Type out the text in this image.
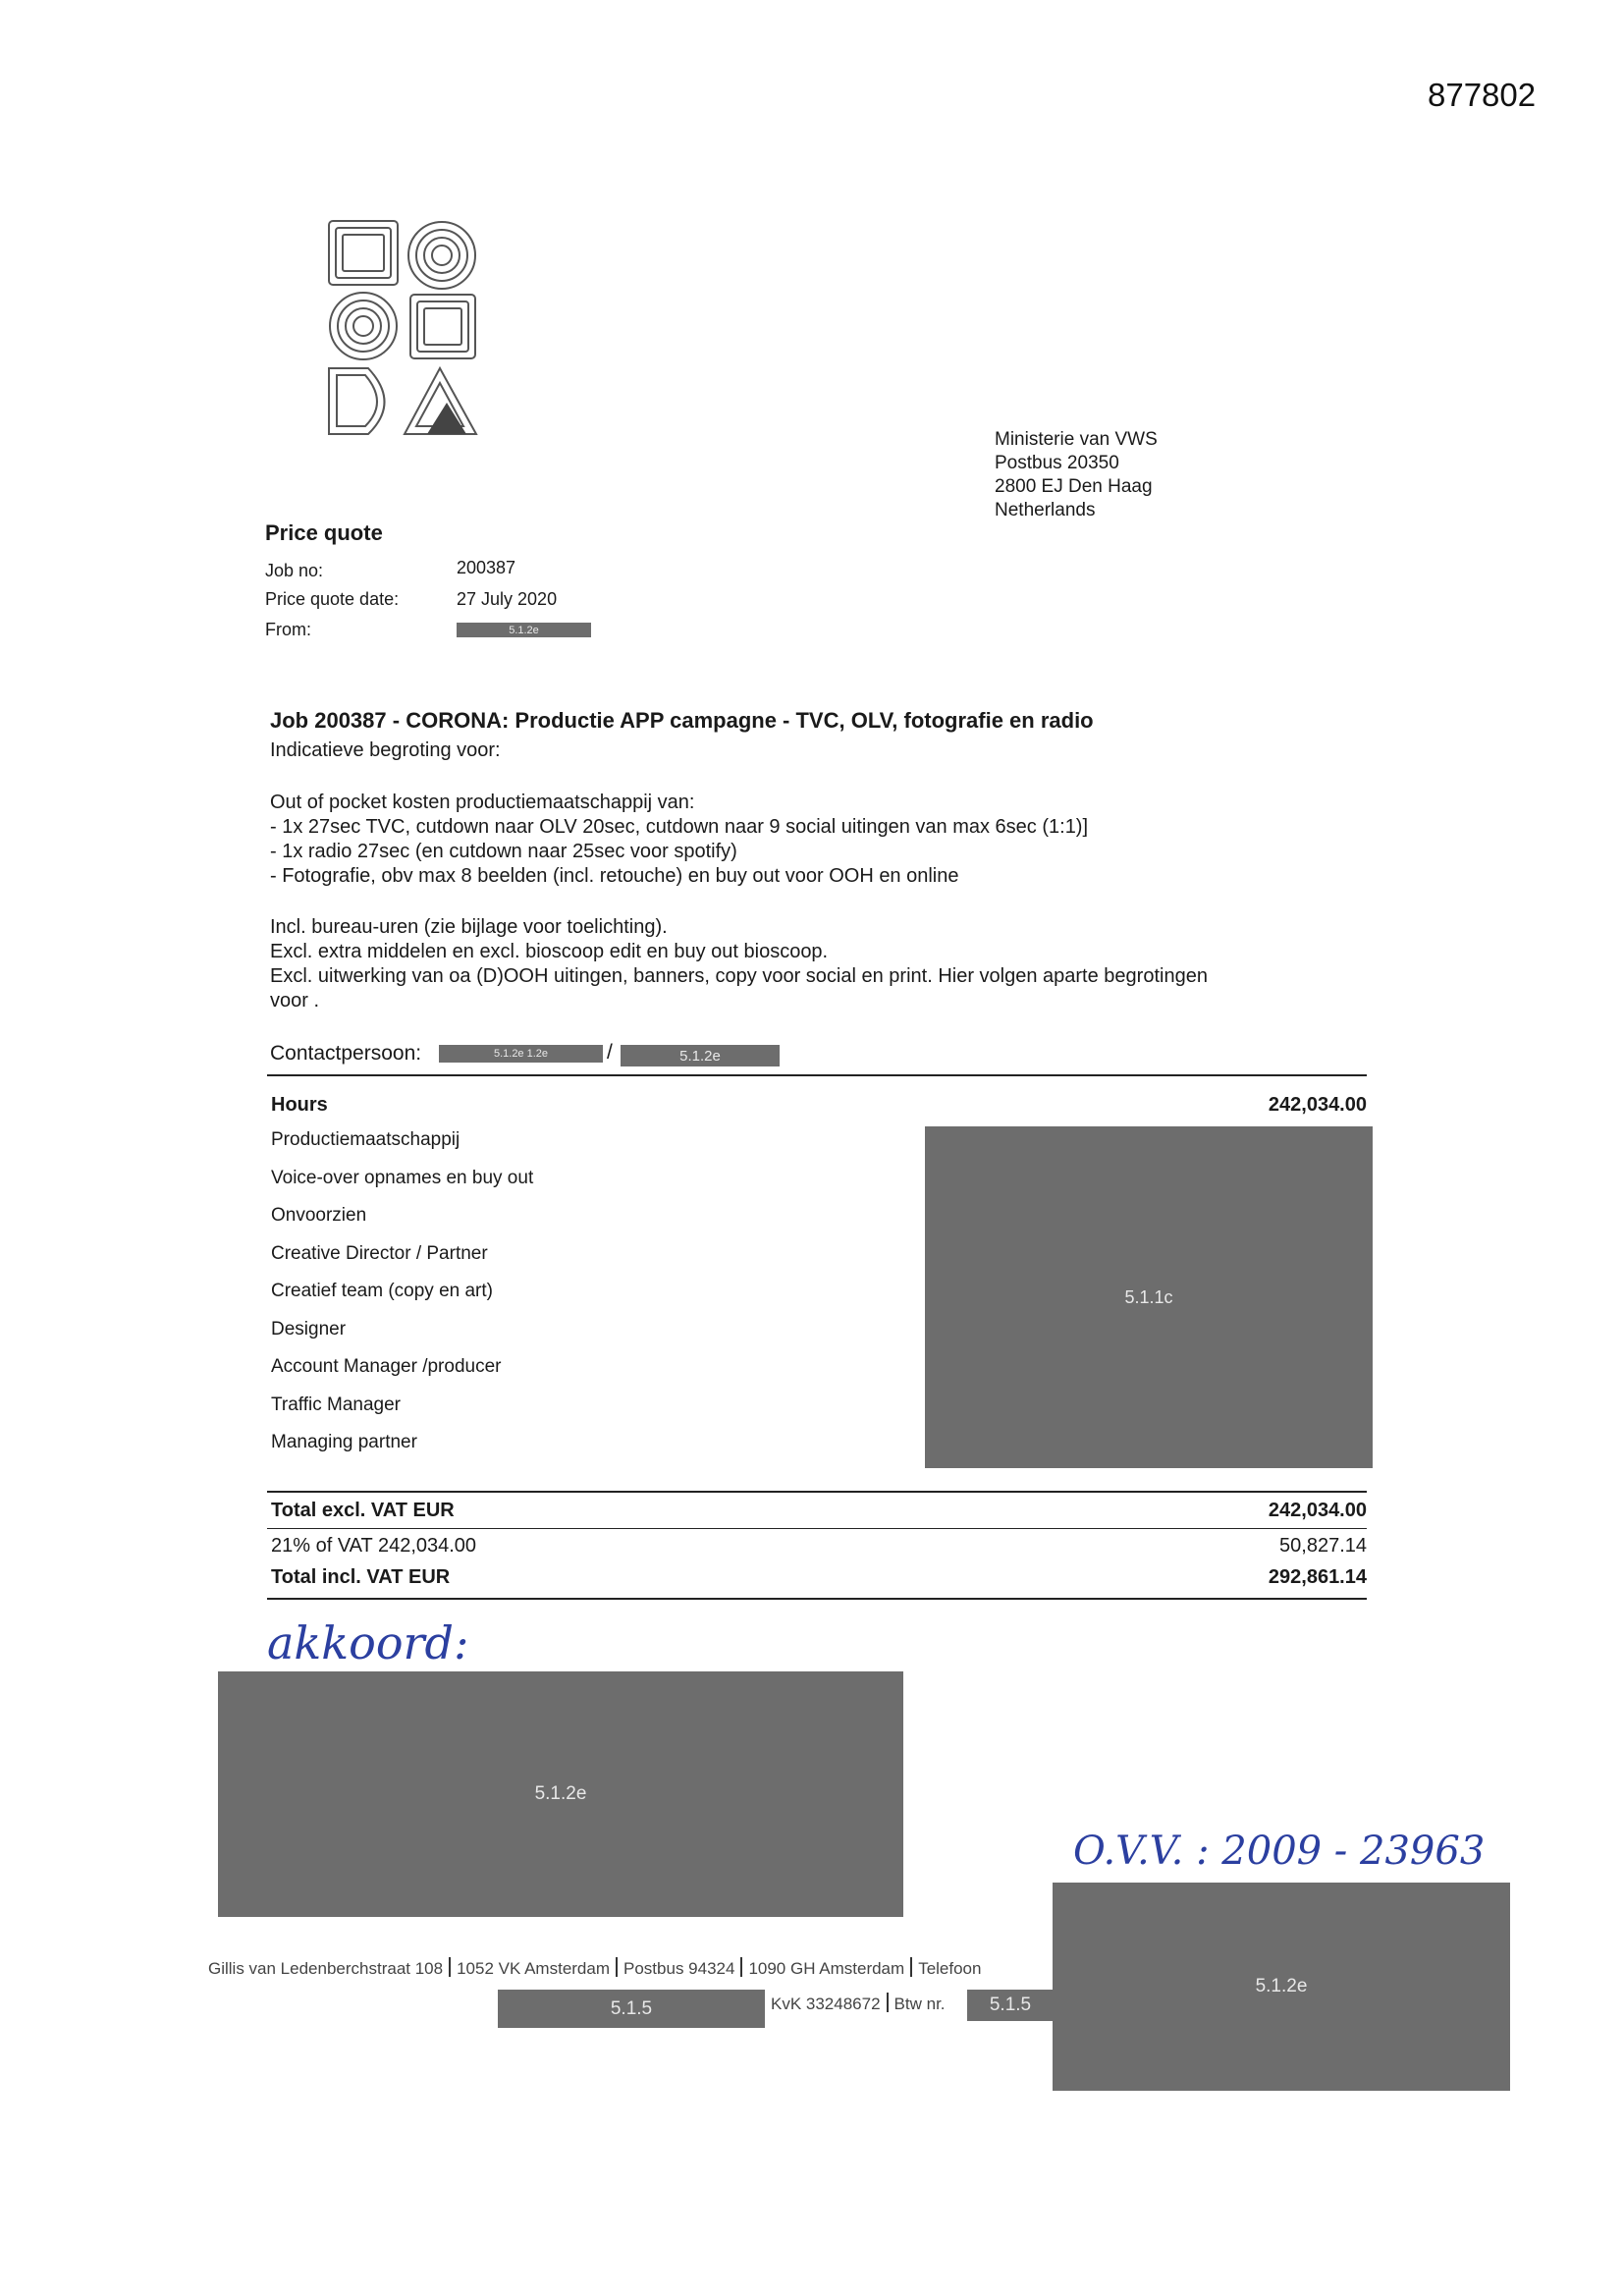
877802
Ministerie van VWS
Postbus 20350
2800 EJ Den Haag
Netherlands
Price quote
Job no:	200387
Price quote date:	27 July 2020
From:	5.1.2e
Job 200387 - CORONA: Productie APP campagne - TVC, OLV, fotografie en radio
Indicatieve begroting voor:
Out of pocket kosten productiemaatschappij van:
- 1x 27sec TVC, cutdown naar OLV 20sec, cutdown naar 9 social uitingen van max 6sec (1:1)]
- 1x radio 27sec (en cutdown naar 25sec voor spotify)
- Fotografie, obv max 8 beelden (incl. retouche) en buy out voor OOH en online
Incl. bureau-uren (zie bijlage voor toelichting).
Excl. extra middelen en excl. bioscoop edit en buy out bioscoop.
Excl. uitwerking van oa (D)OOH uitingen, banners, copy voor social en print. Hier volgen aparte begrotingen
voor .
Contactpersoon:	5.1.2e 1.2e	/	5.1.2e
Hours	242,034.00
Productiemaatschappij
Voice-over opnames en buy out
Onvoorzien
Creative Director / Partner
Creatief team (copy en art)
Designer
Account Manager /producer
Traffic Manager
Managing partner
5.1.1c
Total excl. VAT EUR	242,034.00
21% of VAT 242,034.00	50,827.14
Total incl. VAT EUR	292,861.14
akkoord:
5.1.2e
O.V.V. : 2009 - 23963
5.1.2e
Gillis van Ledenberchstraat 108 1052 VK Amsterdam Postbus 94324 1090 GH Amsterdam Telefoon
5.1.5	KvK 33248672 Btw nr.	5.1.5
